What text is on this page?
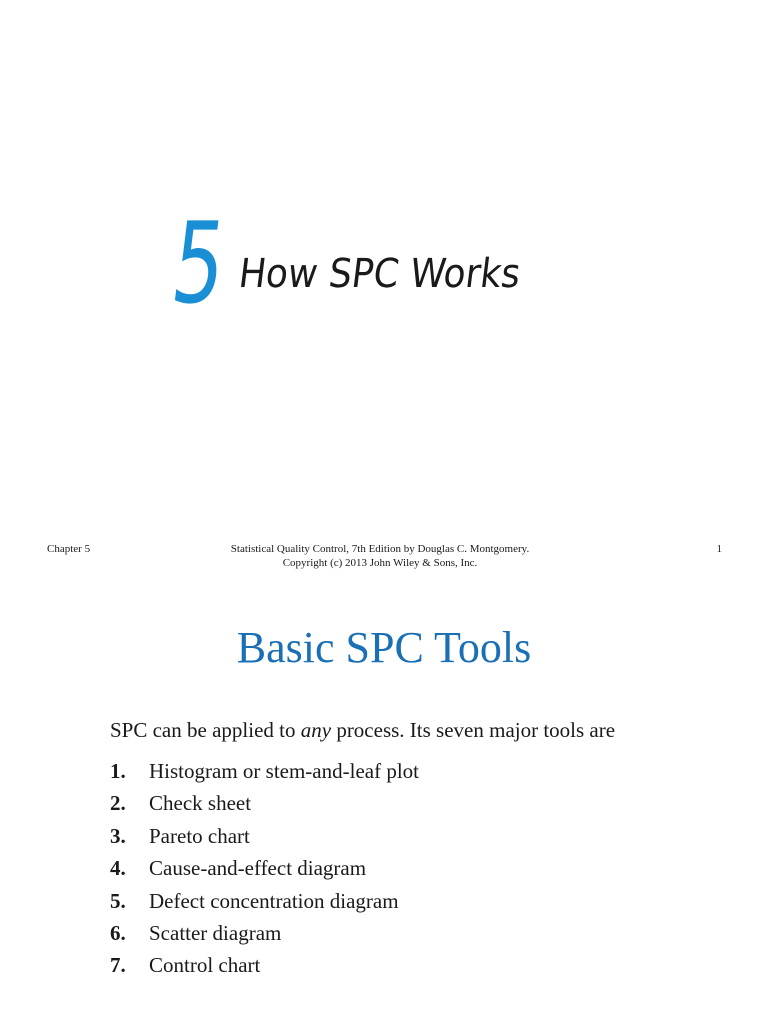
5 How SPC Works
Chapter 5	Statistical Quality Control, 7th Edition by Douglas C. Montgomery.
Copyright (c) 2013 John Wiley & Sons, Inc.
1
Basic SPC Tools
SPC can be applied to any process. Its seven major tools are
1. Histogram or stem-and-leaf plot
2. Check sheet
3. Pareto chart
4. Cause-and-effect diagram
5. Defect concentration diagram
6. Scatter diagram
7. Control chart
